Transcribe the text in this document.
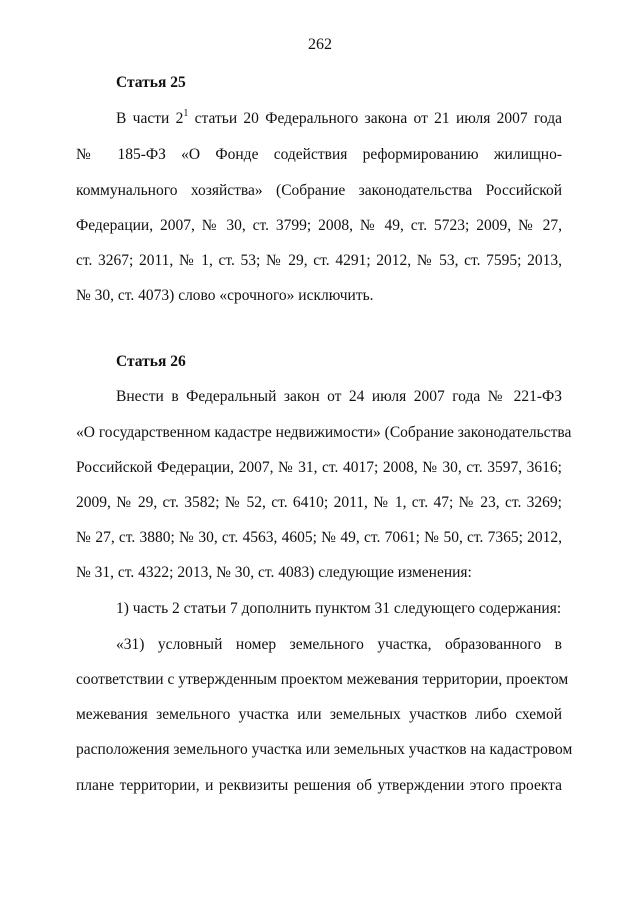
262
Статья 25
В части $2^1$ статьи 20 Федерального закона от 21 июля 2007 года
№ 185-ФЗ «О Фонде содействия реформированию жилищно-
коммунального хозяйства» (Собрание законодательства Российской
Федерации, 2007, № 30, ст. 3799; 2008, № 49, ст. 5723; 2009, № 27,
ст. 3267; 2011, № 1, ст. 53; № 29, ст. 4291; 2012, № 53, ст. 7595; 2013,
№ 30, ст. 4073) слово «срочного» исключить.
Статья 26
Внести в Федеральный закон от 24 июля 2007 года № 221-ФЗ
«О государственном кадастре недвижимости» (Собрание законодательства
Российской Федерации, 2007, № 31, ст. 4017; 2008, № 30, ст. 3597, 3616;
2009, № 29, ст. 3582; № 52, ст. 6410; 2011, № 1, ст. 47; № 23, ст. 3269;
№ 27, ст. 3880; № 30, ст. 4563, 4605; № 49, ст. 7061; № 50, ст. 7365; 2012,
№ 31, ст. 4322; 2013, № 30, ст. 4083) следующие изменения:
1) часть 2 статьи 7 дополнить пунктом 31 следующего содержания:
«31) условный номер земельного участка, образованного в
соответствии с утвержденным проектом межевания территории, проектом
межевания земельного участка или земельных участков либо схемой
расположения земельного участка или земельных участков на кадастровом
плане территории, и реквизиты решения об утверждении этого проекта
